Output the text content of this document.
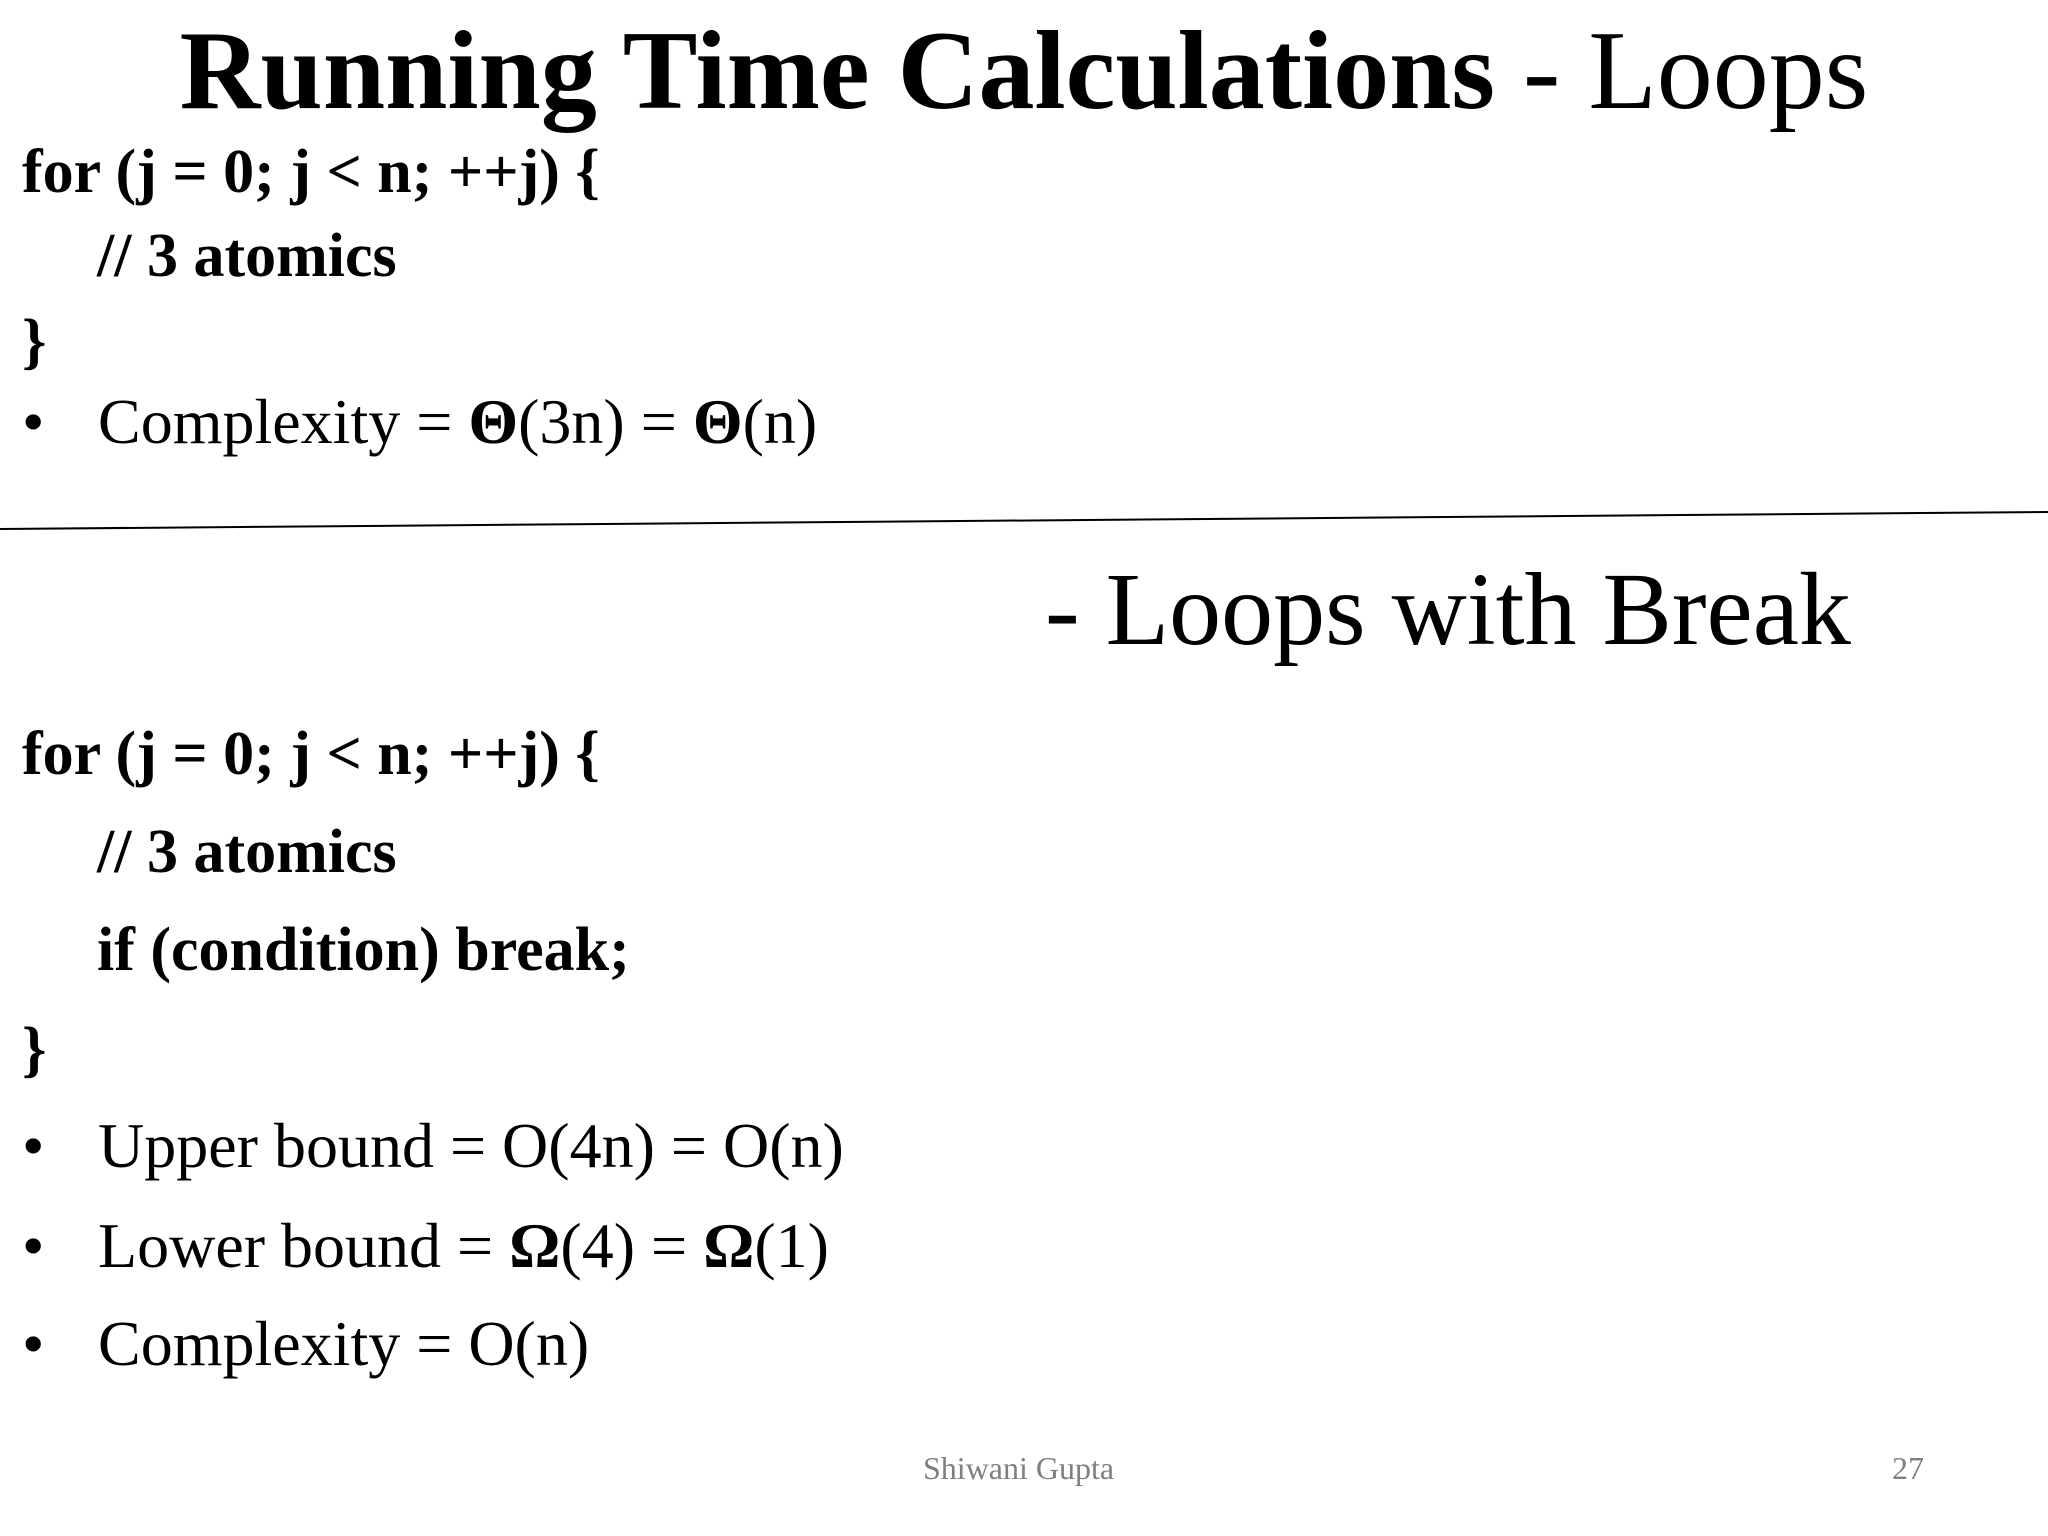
Running Time Calculations - Loops
for (j = 0; j < n; ++j) {
// 3 atomics
}
• Complexity = Θ(3n) = Θ(n)
- Loops with Break
for (j = 0; j < n; ++j) {
// 3 atomics
if (condition) break;
}
• Upper bound = O(4n) = O(n)
• Lower bound = Ω(4) = Ω(1)
• Complexity = O(n)
Shiwani Gupta	27
